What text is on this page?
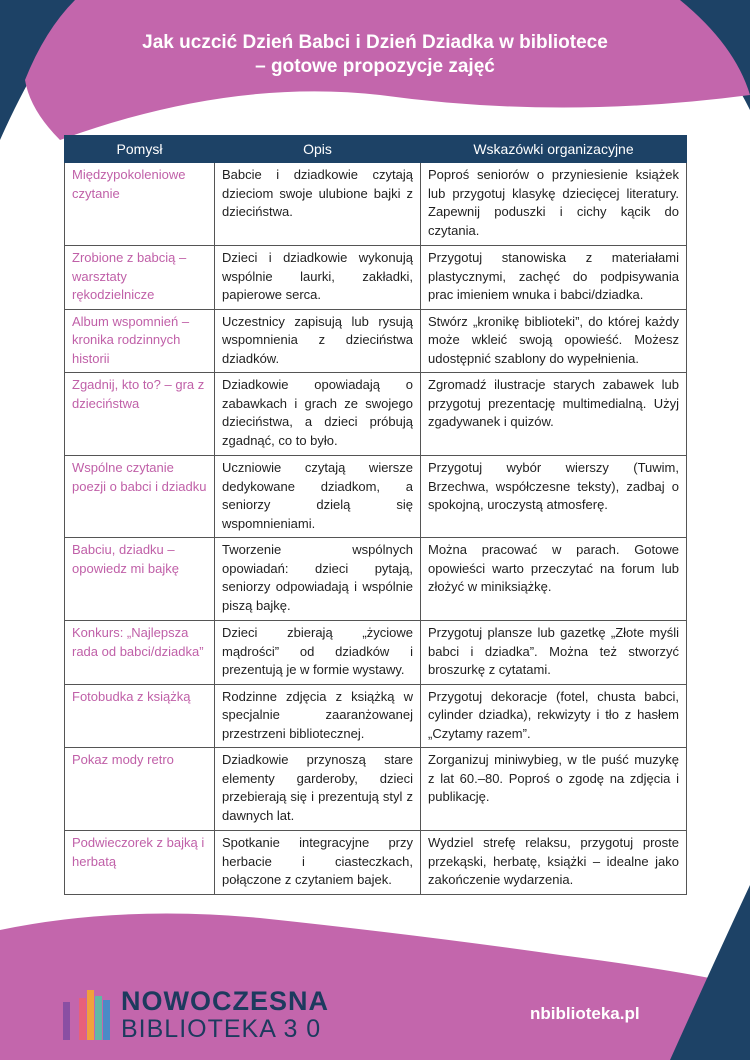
Jak uczcić Dzień Babci i Dzień Dziadka w bibliotece
– gotowe propozycje zajęć
Pomysł	Opis	Wskazówki organizacyjne
Międzypokoleniowe czytanie	Babcie i dziadkowie czytają dzieciom swoje ulubione bajki z dzieciństwa.	Poproś seniorów o przyniesienie książek lub przygotuj klasykę dziecięcej literatury. Zapewnij poduszki i cichy kącik do czytania.
Zrobione z babcią – warsztaty rękodzielnicze	Dzieci i dziadkowie wykonują wspólnie laurki, zakładki, papierowe serca.	Przygotuj stanowiska z materiałami plastycznymi, zachęć do podpisywania prac imieniem wnuka i babci/dziadka.
Album wspomnień – kronika rodzinnych historii	Uczestnicy zapisują lub rysują wspomnienia z dzieciństwa dziadków.	Stwórz „kronikę biblioteki”, do której każdy może wkleić swoją opowieść. Możesz udostępnić szablony do wypełnienia.
Zgadnij, kto to? – gra z dzieciństwa	Dziadkowie opowiadają o zabawkach i grach ze swojego dzieciństwa, a dzieci próbują zgadnąć, co to było.	Zgromadź ilustracje starych zabawek lub przygotuj prezentację multimedialną. Użyj zgadywanek i quizów.
Wspólne czytanie poezji o babci i dziadku	Uczniowie czytają wiersze dedykowane dziadkom, a seniorzy dzielą się wspomnieniami.	Przygotuj wybór wierszy (Tuwim, Brzechwa, współczesne teksty), zadbaj o spokojną, uroczystą atmosferę.
Babciu, dziadku – opowiedz mi bajkę	Tworzenie wspólnych opowiadań: dzieci pytają, seniorzy odpowiadają i wspólnie piszą bajkę.	Można pracować w parach. Gotowe opowieści warto przeczytać na forum lub złożyć w miniksiążkę.
Konkurs: „Najlepsza rada od babci/dziadka”	Dzieci zbierają „życiowe mądrości” od dziadków i prezentują je w formie wystawy.	Przygotuj plansze lub gazetkę „Złote myśli babci i dziadka”. Można też stworzyć broszurkę z cytatami.
Fotobudka z książką	Rodzinne zdjęcia z książką w specjalnie zaaranżowanej przestrzeni bibliotecznej.	Przygotuj dekoracje (fotel, chusta babci, cylinder dziadka), rekwizyty i tło z hasłem „Czytamy razem”.
Pokaz mody retro	Dziadkowie przynoszą stare elementy garderoby, dzieci przebierają się i prezentują styl z dawnych lat.	Zorganizuj miniwybieg, w tle puść muzykę z lat 60.–80. Poproś o zgodę na zdjęcia i publikację.
Podwieczorek z bajką i herbatą	Spotkanie integracyjne przy herbacie i ciasteczkach, połączone z czytaniem bajek.	Wydziel strefę relaksu, przygotuj proste przekąski, herbatę, książki – idealne jako zakończenie wydarzenia.
NOWOCZESNA
BIBLIOTEKA 3 0
nbiblioteka.pl
